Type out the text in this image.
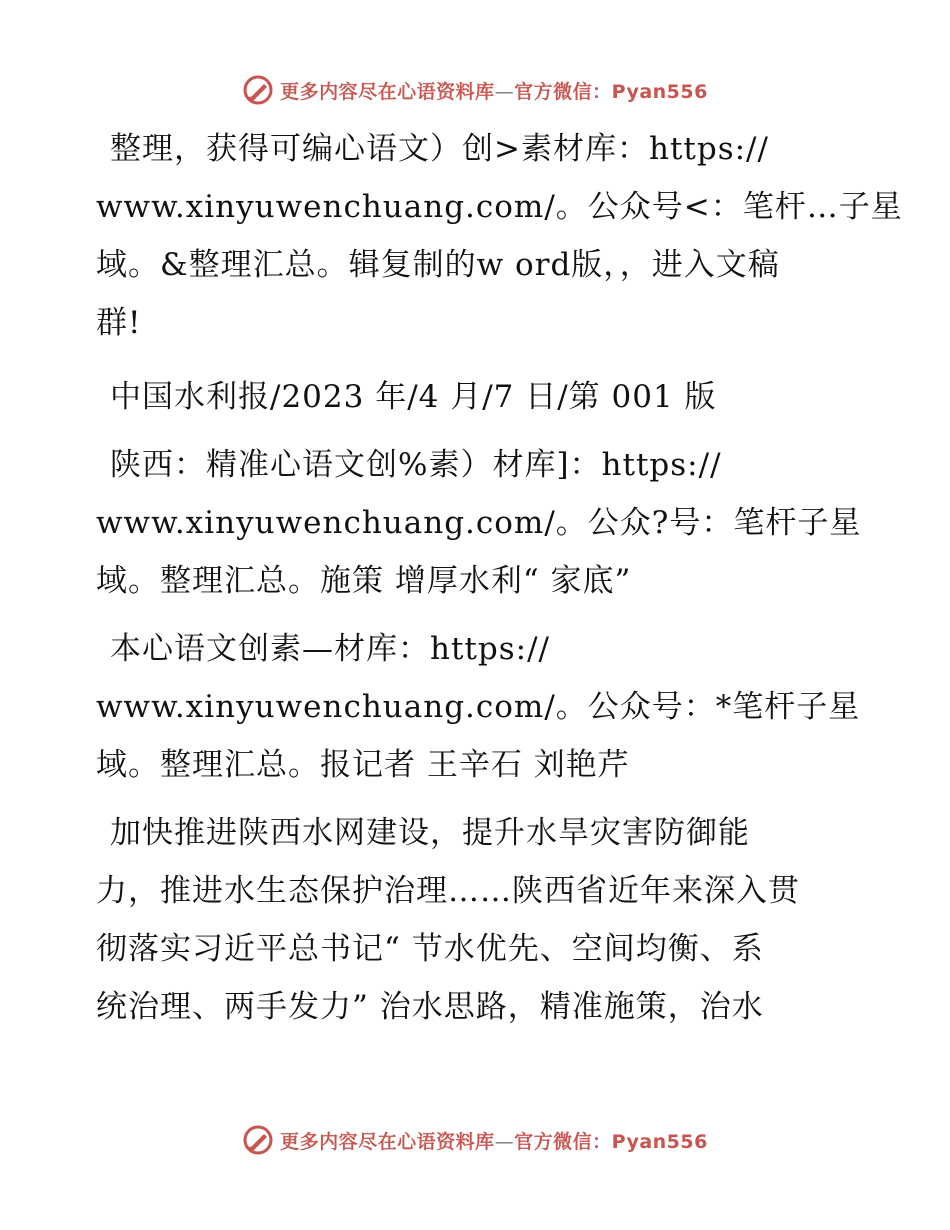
更多内容尽在心语资料库—官方微信：Pyan556
整理，获得可编心语文）创>素材库：https://
www.xinyuwenchuang.com/。公众号<：笔杆…子星
域。&整理汇总。辑复制的w ord版，，进入文稿
群!
中国水利报/2023 年/4 月/7 日/第 001 版
陕西：精准心语文创%素）材库]：https://
www.xinyuwenchuang.com/。公众?号：笔杆子星
域。整理汇总。施策 增厚水利“ 家底”
本心语文创素—材库：https://
www.xinyuwenchuang.com/。公众号：*笔杆子星
域。整理汇总。报记者 王辛石 刘艳芹
加快推进陕西水网建设，提升水旱灾害防御能
力，推进水生态保护治理……陕西省近年来深入贯
彻落实习近平总书记“ 节水优先、空间均衡、系
统治理、两手发力” 治水思路，精准施策，治水
更多内容尽在心语资料库—官方微信：Pyan556
